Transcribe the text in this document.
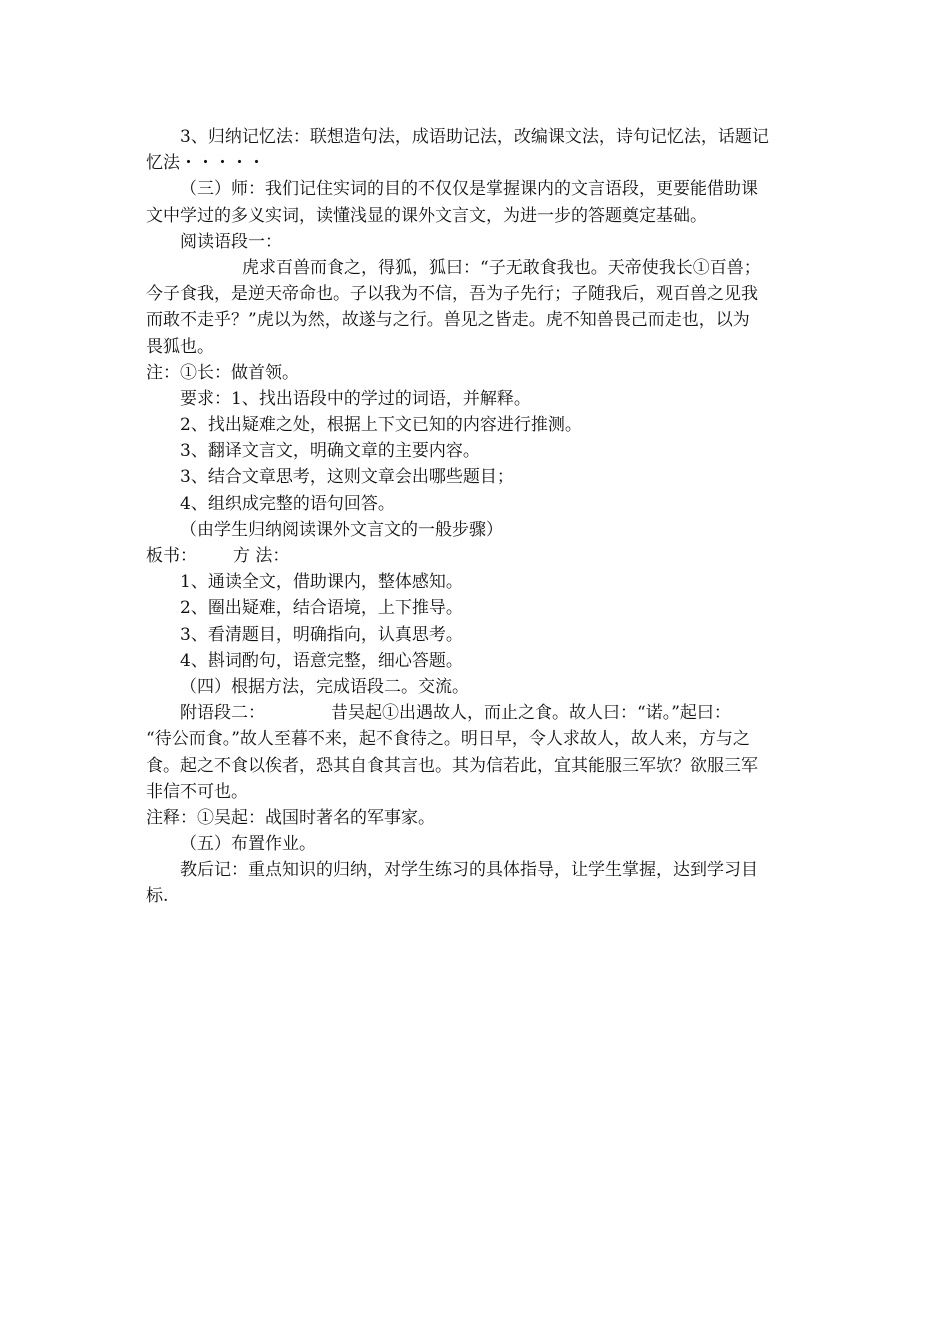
3、归纳记忆法：联想造句法，成语助记法，改编课文法，诗句记忆法，话题记
忆法・・・・・
（三）师：我们记住实词的目的不仅仅是掌握课内的文言语段，更要能借助课
文中学过的多义实词，读懂浅显的课外文言文，为进一步的答题奠定基础。
阅读语段一：
虎求百兽而食之，得狐，狐曰：“子无敢食我也。天帝使我长①百兽；
今子食我，是逆天帝命也。子以我为不信，吾为子先行；子随我后，观百兽之见我
而敢不走乎？”虎以为然，故遂与之行。兽见之皆走。虎不知兽畏己而走也，以为
畏狐也。
注：①长：做首领。
要求：1、找出语段中的学过的词语，并解释。
2、找出疑难之处，根据上下文已知的内容进行推测。
3、翻译文言文，明确文章的主要内容。
3、结合文章思考，这则文章会出哪些题目；
4、组织成完整的语句回答。
（由学生归纳阅读课外文言文的一般步骤）
板书： 方 法：
1、通读全文，借助课内，整体感知。
2、圈出疑难，结合语境，上下推导。
3、看清题目，明确指向，认真思考。
4、斟词酌句，语意完整，细心答题。
（四）根据方法，完成语段二。交流。
附语段二：	昔吴起①出遇故人，而止之食。故人曰：“诺。”起曰：
“待公而食。”故人至暮不来，起不食待之。明日早，令人求故人，故人来，方与之
食。起之不食以俟者，恐其自食其言也。其为信若此，宜其能服三军欤？欲服三军
非信不可也。
注释：①吴起：战国时著名的军事家。
（五）布置作业。
教后记：重点知识的归纳，对学生练习的具体指导，让学生掌握，达到学习目
标.
